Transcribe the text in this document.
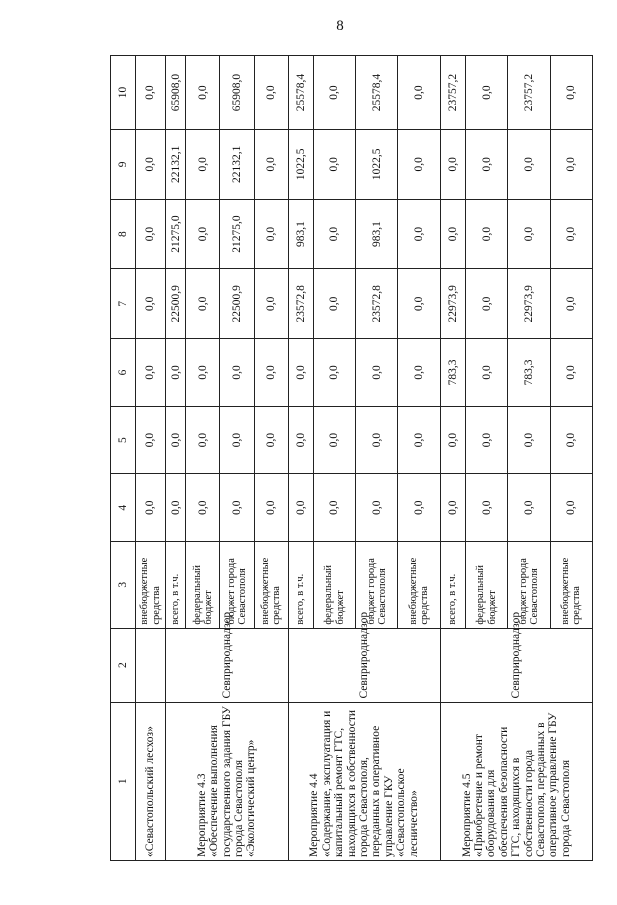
8
1	2	3	4	5	6	7	8	9	10
«Севастопольский лесхоз»		внебюджетные средства	0,0	0,0	0,0	0,0	0,0	0,0	0,0
Мероприятие 4.3 «Обеспечение выполнения государственного задания ГБУ города Севастополя «Экологический центр»	Севприроднадзор	всего, в т.ч.	0,0	0,0	0,0	22500,9	21275,0	22132,1	65908,0
		федеральный бюджет	0,0	0,0	0,0	0,0	0,0	0,0	0,0
		бюджет города Севастополя	0,0	0,0	0,0	22500,9	21275,0	22132,1	65908,0
		внебюджетные средства	0,0	0,0	0,0	0,0	0,0	0,0	0,0
Мероприятие 4.4 «Содержание, эксплуатация и капитальный ремонт ГТС, находящихся в собственности города Севастополя, переданных в оперативное управление ГКУ «Севастопольское лесничество»	Севприроднадзор	всего, в т.ч.	0,0	0,0	0,0	23572,8	983,1	1022,5	25578,4
		федеральный бюджет	0,0	0,0	0,0	0,0	0,0	0,0	0,0
		бюджет города Севастополя	0,0	0,0	0,0	23572,8	983,1	1022,5	25578,4
		внебюджетные средства	0,0	0,0	0,0	0,0	0,0	0,0	0,0
Мероприятие 4.5 «Приобретение и ремонт оборудования для обеспечения безопасности ГТС, находящихся в собственности города Севастополя, переданных в оперативное управление ГБУ города Севастополя	Севприроднадзор	всего, в т.ч.	0,0	0,0	783,3	22973,9	0,0	0,0	23757,2
		федеральный бюджет	0,0	0,0	0,0	0,0	0,0	0,0	0,0
		бюджет города Севастополя	0,0	0,0	783,3	22973,9	0,0	0,0	23757,2
		внебюджетные средства	0,0	0,0	0,0	0,0	0,0	0,0	0,0
